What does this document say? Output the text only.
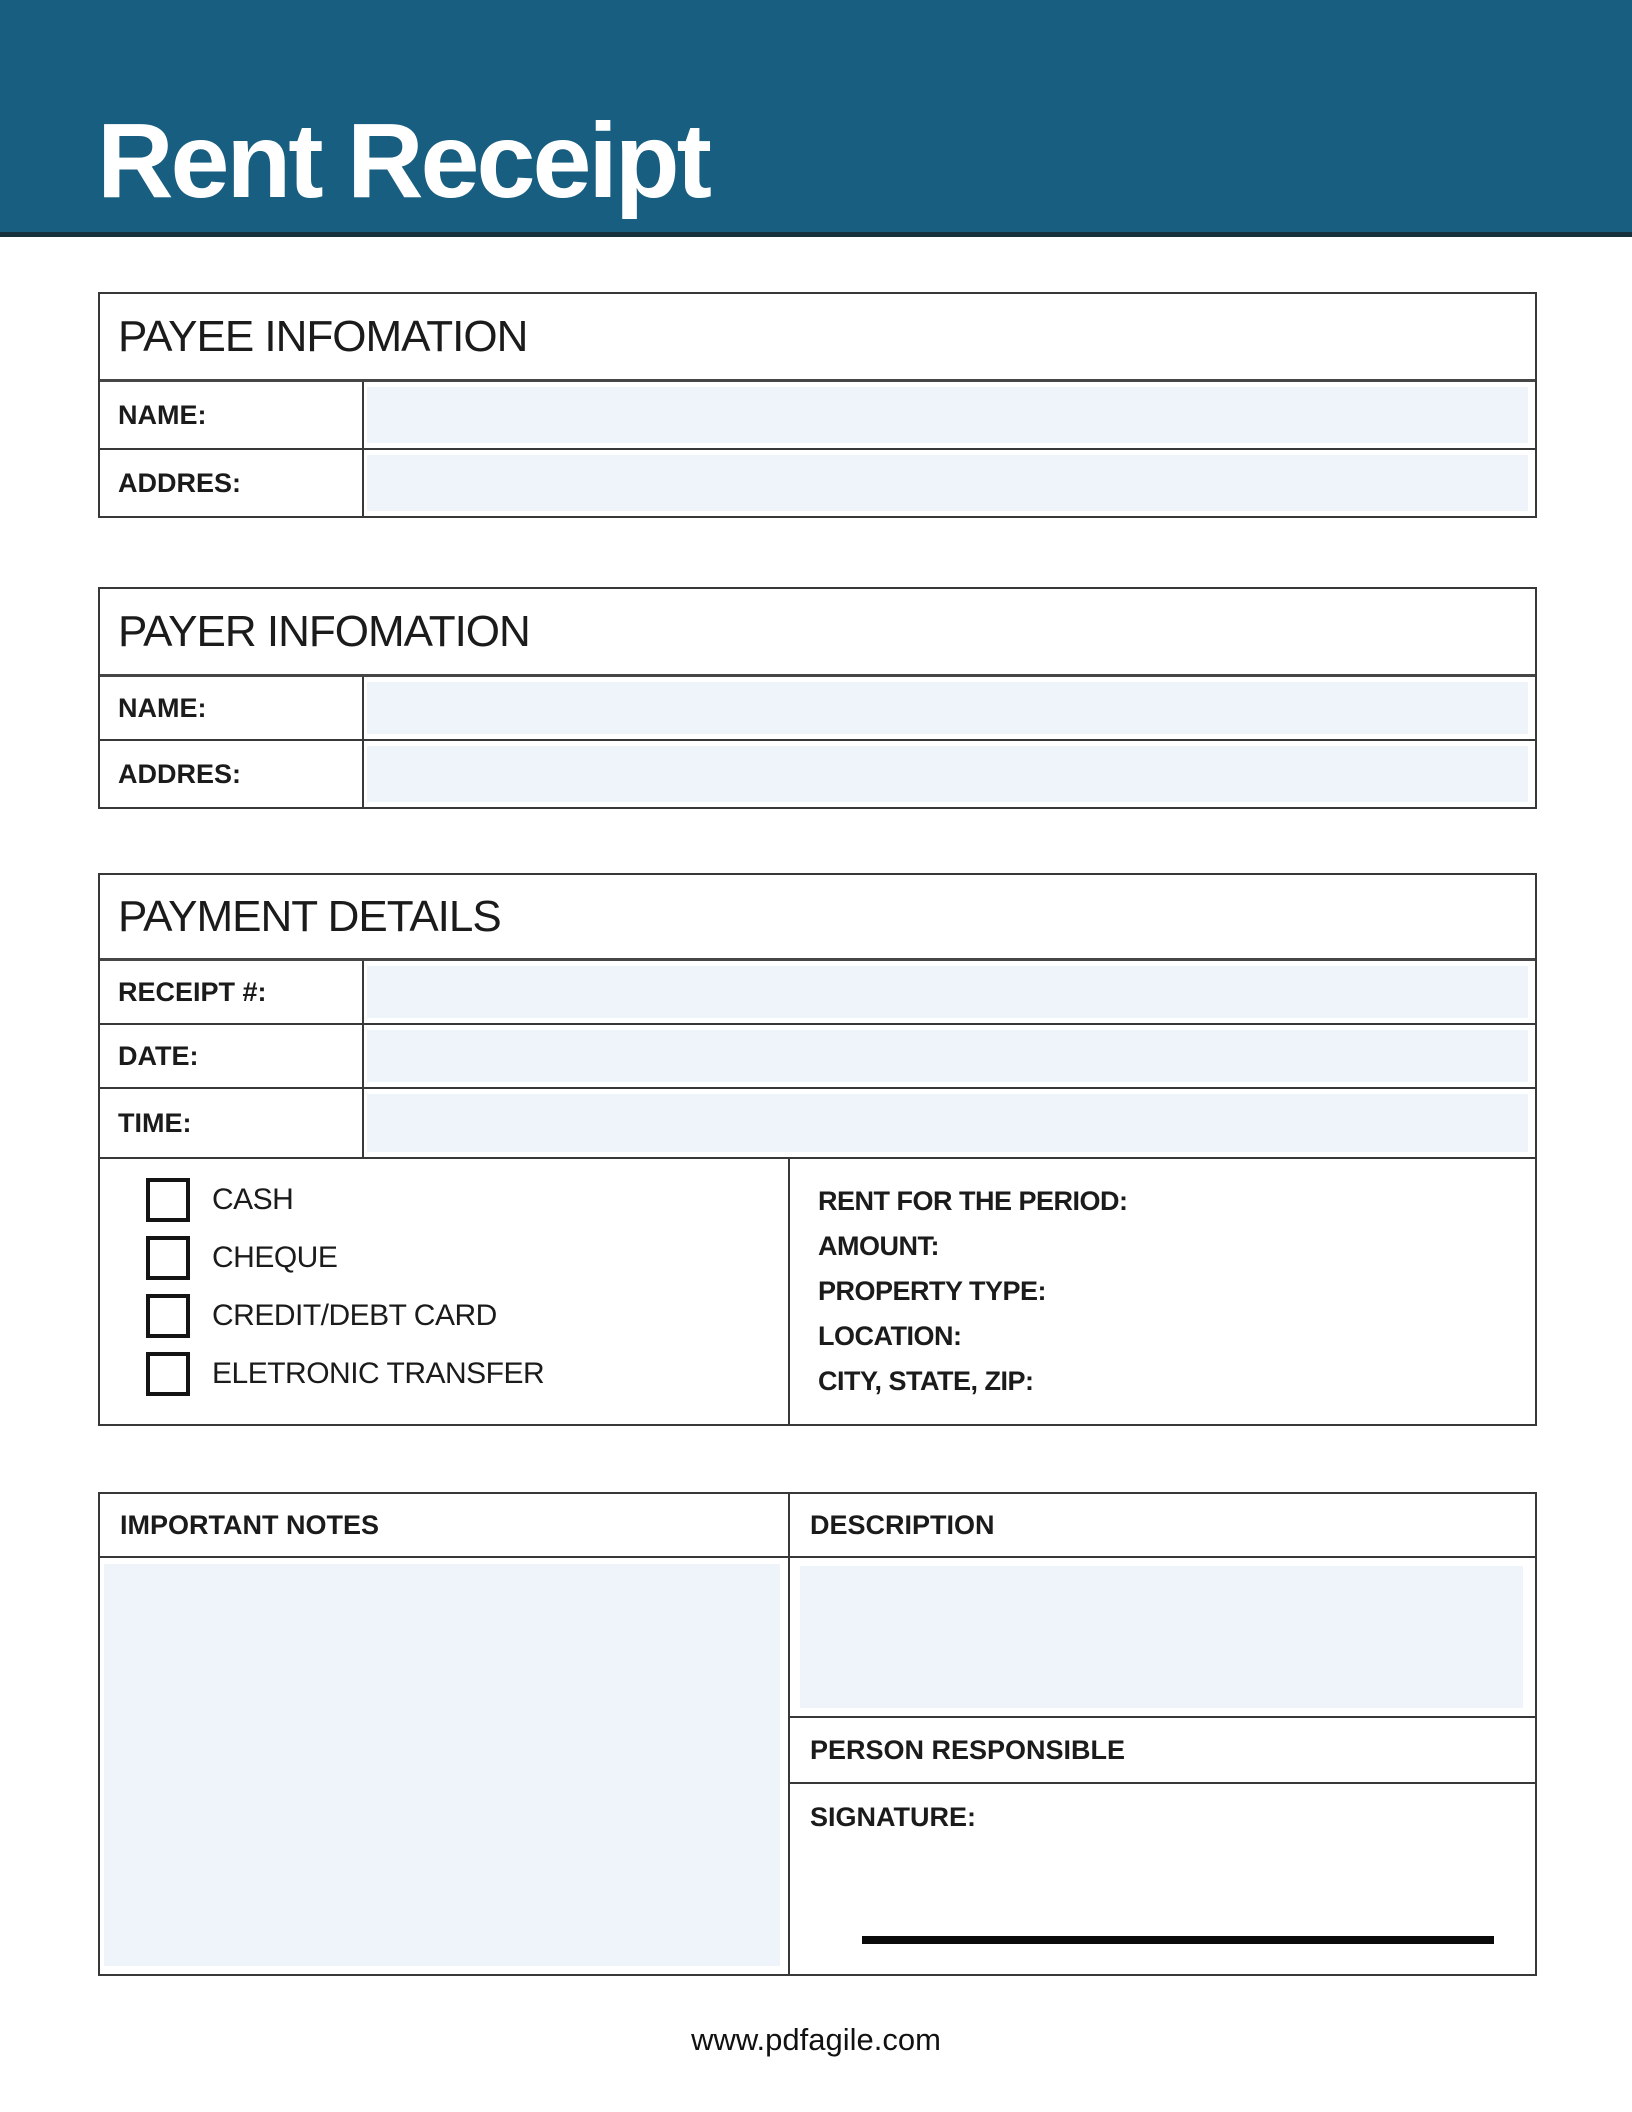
Rent Receipt
PAYEE INFOMATION
NAME:
ADDRES:
PAYER INFOMATION
NAME:
ADDRES:
PAYMENT DETAILS
RECEIPT #:
DATE:
TIME:
CASH
CHEQUE
CREDIT/DEBT CARD
ELETRONIC TRANSFER
RENT FOR THE PERIOD:
AMOUNT:
PROPERTY TYPE:
LOCATION:
CITY, STATE, ZIP:
IMPORTANT NOTES	DESCRIPTION
PERSON RESPONSIBLE
SIGNATURE:
www.pdfagile.com
